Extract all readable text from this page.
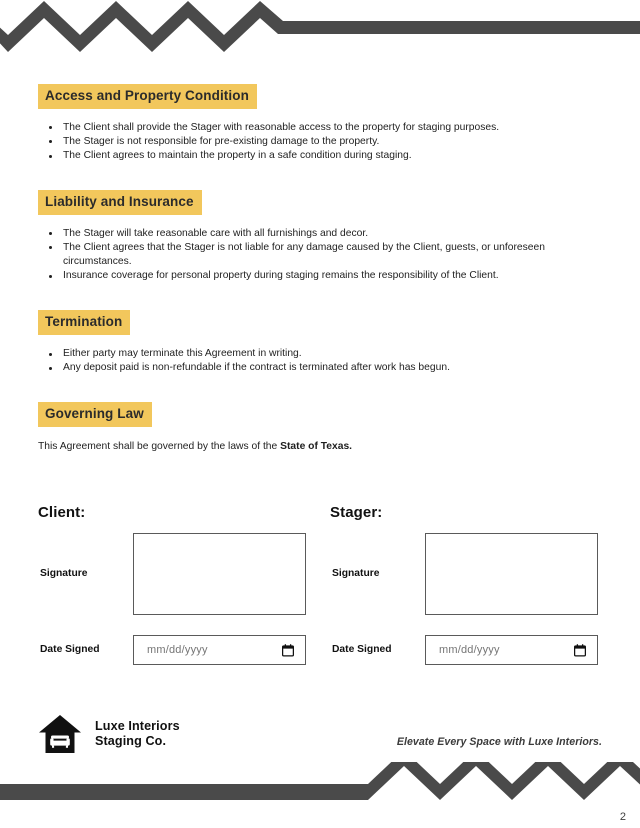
Access and Property Condition
The Client shall provide the Stager with reasonable access to the property for staging purposes.
The Stager is not responsible for pre-existing damage to the property.
The Client agrees to maintain the property in a safe condition during staging.
Liability and Insurance
The Stager will take reasonable care with all furnishings and decor.
The Client agrees that the Stager is not liable for any damage caused by the Client, guests, or unforeseen circumstances.
Insurance coverage for personal property during staging remains the responsibility of the Client.
Termination
Either party may terminate this Agreement in writing.
Any deposit paid is non-refundable if the contract is terminated after work has begun.
Governing Law

This Agreement shall be governed by the laws of the State of Texas.

Client:
Signature
Date Signed	mm/dd/yyyy
Stager:
Signature
Date Signed	mm/dd/yyyy
Luxe Interiors
Staging Co.	Elevate Every Space with Luxe Interiors.
2
